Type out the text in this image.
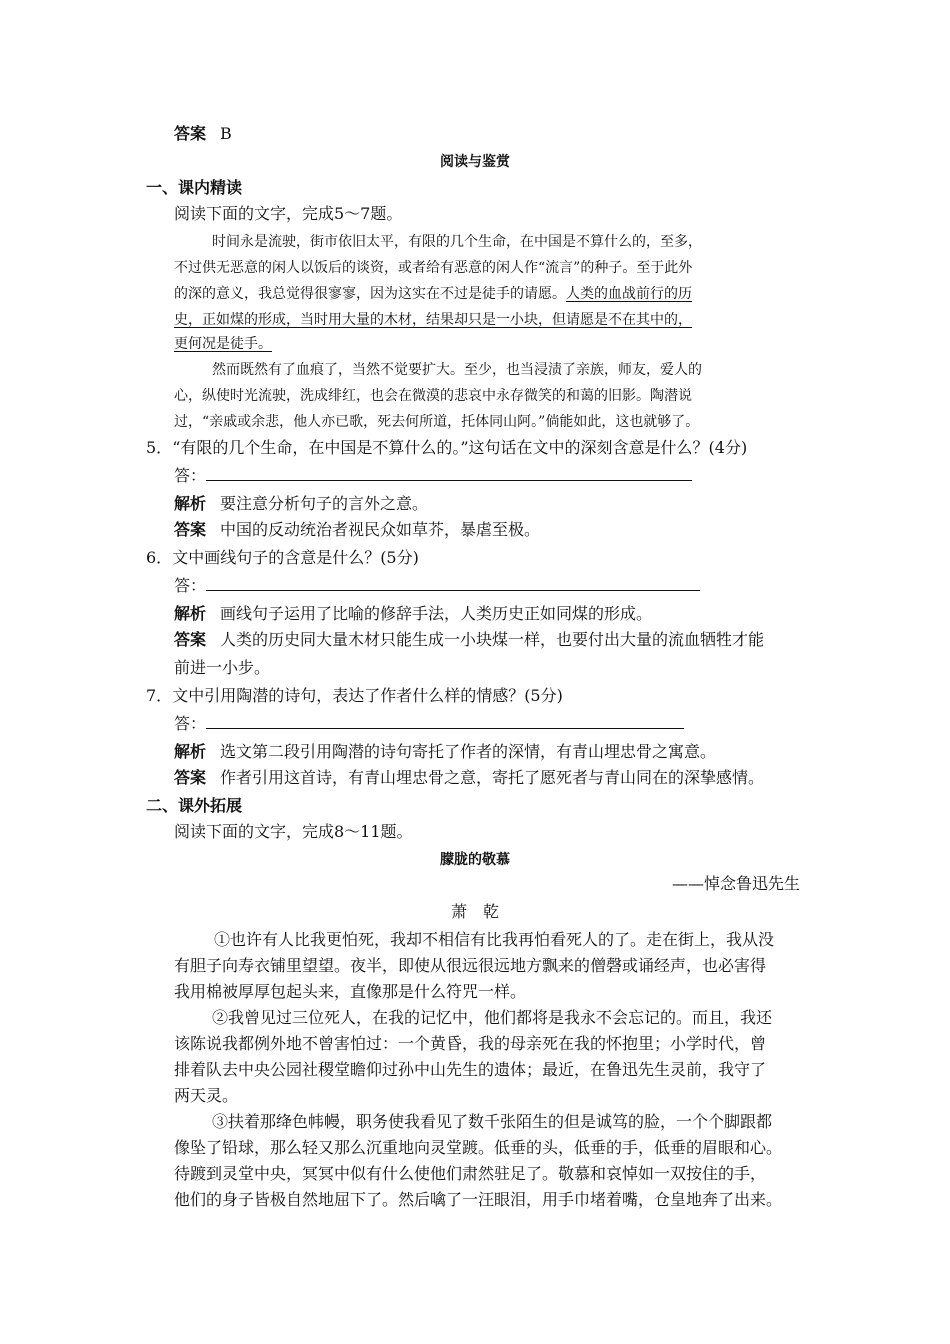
答案 B
阅读与鉴赏
一、课内精读
阅读下面的文字，完成5～7题。
时间永是流驶，街市依旧太平，有限的几个生命，在中国是不算什么的，至多，
不过供无恶意的闲人以饭后的谈资，或者给有恶意的闲人作“流言”的种子。至于此外
的深的意义，我总觉得很寥寥，因为这实在不过是徒手的请愿。人类的血战前行的历
史，正如煤的形成，当时用大量的木材，结果却只是一小块，但请愿是不在其中的，
更何况是徒手。
然而既然有了血痕了，当然不觉要扩大。至少，也当浸渍了亲族，师友，爱人的
心，纵使时光流驶，洗成绯红，也会在微漠的悲哀中永存微笑的和蔼的旧影。陶潜说
过，“亲戚或余悲，他人亦已歌，死去何所道，托体同山阿。”倘能如此，这也就够了。
5．“有限的几个生命，在中国是不算什么的。”这句话在文中的深刻含意是什么？(4分)
答：
解析 要注意分析句子的言外之意。
答案 中国的反动统治者视民众如草芥，暴虐至极。
6．文中画线句子的含意是什么？(5分)
答：
解析 画线句子运用了比喻的修辞手法，人类历史正如同煤的形成。
答案 人类的历史同大量木材只能生成一小块煤一样，也要付出大量的流血牺牲才能
前进一小步。
7．文中引用陶潜的诗句，表达了作者什么样的情感？(5分)
答：
解析 选文第二段引用陶潜的诗句寄托了作者的深情，有青山埋忠骨之寓意。
答案 作者引用这首诗，有青山埋忠骨之意，寄托了愿死者与青山同在的深挚感情。
二、课外拓展
阅读下面的文字，完成8～11题。
朦胧的敬慕
——悼念鲁迅先生
萧　乾
①也许有人比我更怕死，我却不相信有比我再怕看死人的了。走在街上，我从没
有胆子向寿衣铺里望望。夜半，即使从很远很远地方飘来的僧磬或诵经声，也必害得
我用棉被厚厚包起头来，直像那是什么符咒一样。
②我曾见过三位死人，在我的记忆中，他们都将是我永不会忘记的。而且，我还
该陈说我都例外地不曾害怕过：一个黄昏，我的母亲死在我的怀抱里；小学时代，曾
排着队去中央公园社稷堂瞻仰过孙中山先生的遗体；最近，在鲁迅先生灵前，我守了
两天灵。
③扶着那绛色帏幔，职务使我看见了数千张陌生的但是诚笃的脸，一个个脚跟都
像坠了铅球，那么轻又那么沉重地向灵堂踱。低垂的头，低垂的手，低垂的眉眼和心。
待踱到灵堂中央，冥冥中似有什么使他们肃然驻足了。敬慕和哀悼如一双按住的手，
他们的身子皆极自然地屈下了。然后噙了一汪眼泪，用手巾堵着嘴，仓皇地奔了出来。
